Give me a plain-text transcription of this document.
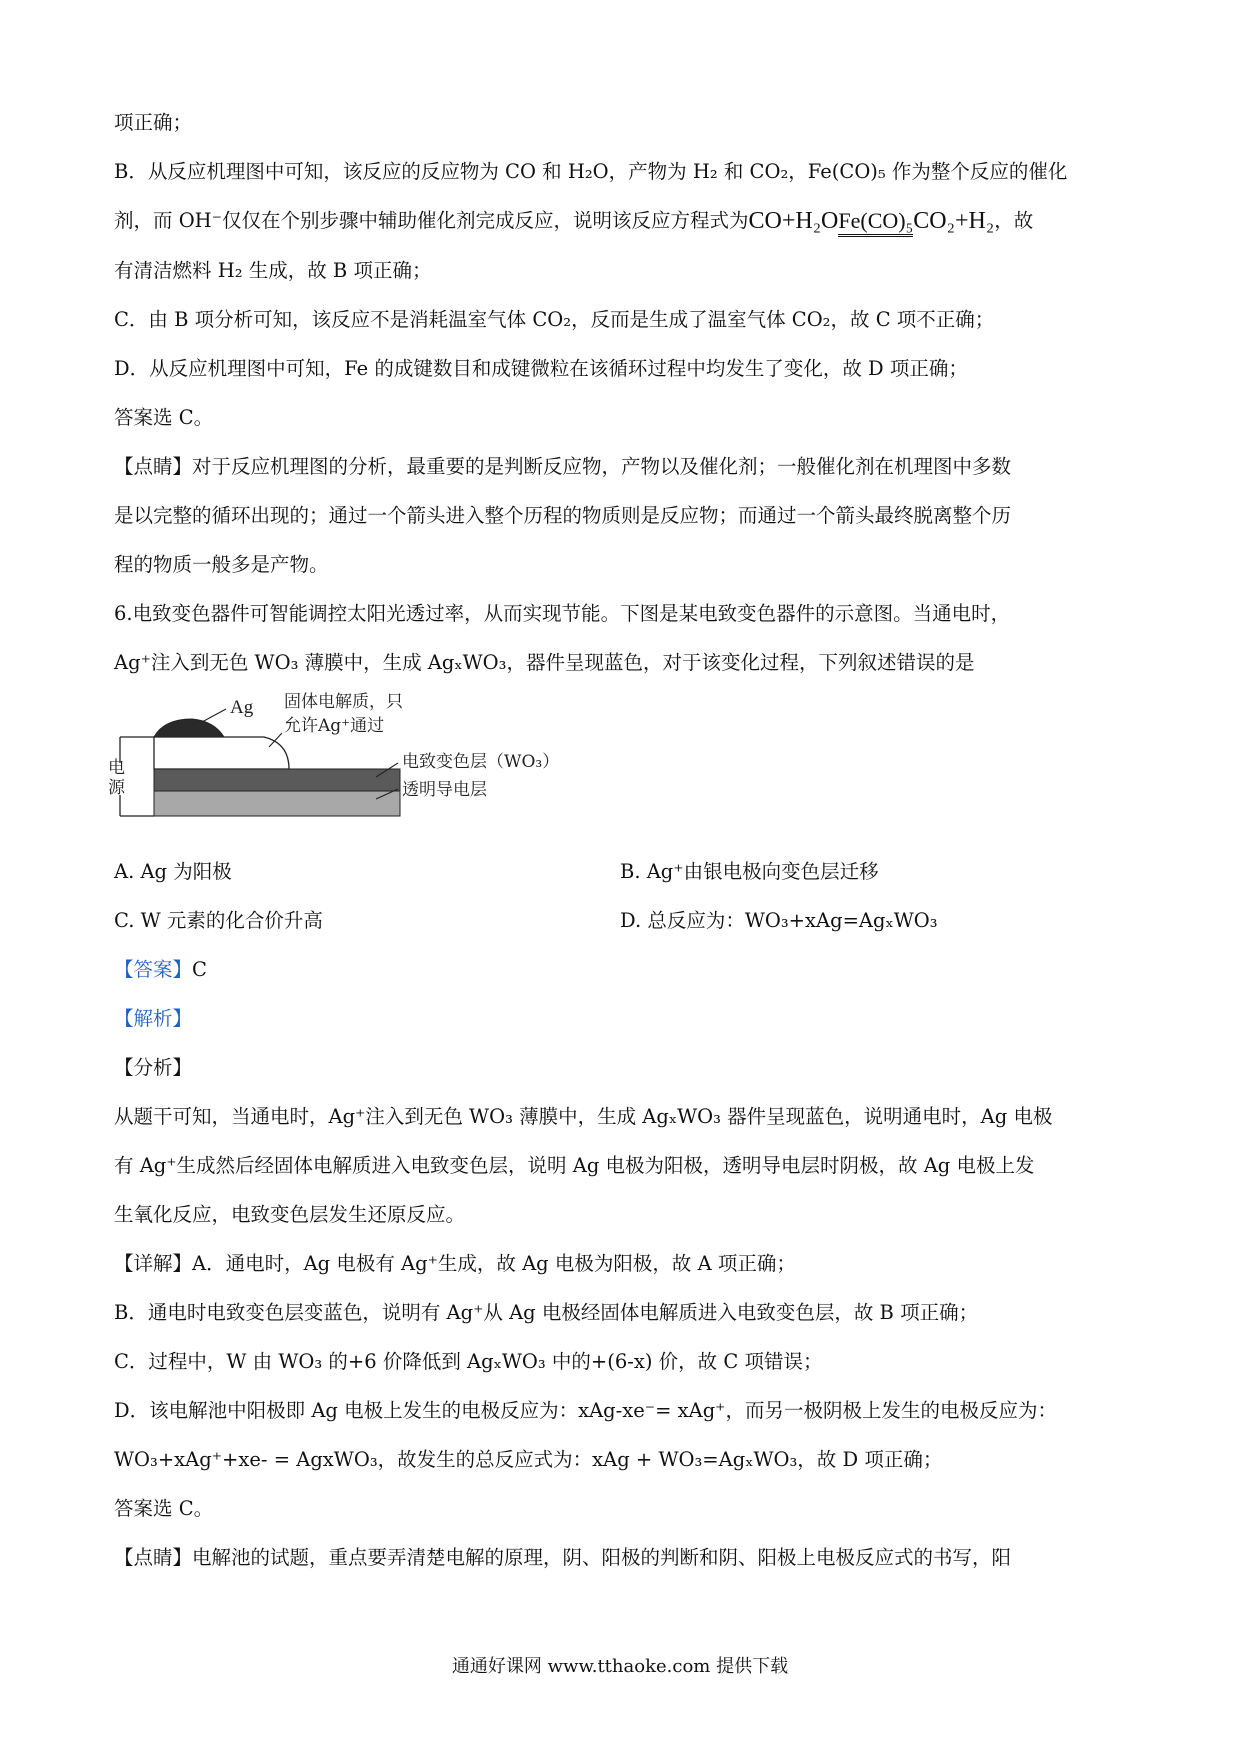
项正确；

B．从反应机理图中可知，该反应的反应物为 CO 和 H₂O，产物为 H₂ 和 CO₂，Fe(CO)₅ 作为整个反应的催化

剂，而 OH⁻仅仅在个别步骤中辅助催化剂完成反应，说明该反应方程式为CO+H₂OFe(CO)₅CO₂+H₂，故

有清洁燃料 H₂ 生成，故 B 项正确；

C．由 B 项分析可知，该反应不是消耗温室气体 CO₂，反而是生成了温室气体 CO₂，故 C 项不正确；

D．从反应机理图中可知，Fe 的成键数目和成键微粒在该循环过程中均发生了变化，故 D 项正确；

答案选 C。

【点睛】对于反应机理图的分析，最重要的是判断反应物，产物以及催化剂；一般催化剂在机理图中多数

是以完整的循环出现的；通过一个箭头进入整个历程的物质则是反应物；而通过一个箭头最终脱离整个历

程的物质一般多是产物。

6.电致变色器件可智能调控太阳光透过率，从而实现节能。下图是某电致变色器件的示意图。当通电时，

Ag⁺注入到无色 WO₃ 薄膜中，生成 AgₓWO₃，器件呈现蓝色，对于该变化过程，下列叙述错误的是

电
源
Ag 固体电解质，只
允许Ag⁺通过
电致变色层（WO₃）
透明导电层
A. Ag 为阳极	B. Ag⁺由银电极向变色层迁移
C. W 元素的化合价升高	D. 总反应为：WO₃+xAg=AgₓWO₃

【答案】C

【解析】

【分析】

从题干可知，当通电时，Ag⁺注入到无色 WO₃ 薄膜中，生成 AgₓWO₃ 器件呈现蓝色，说明通电时，Ag 电极

有 Ag⁺生成然后经固体电解质进入电致变色层，说明 Ag 电极为阳极，透明导电层时阴极，故 Ag 电极上发

生氧化反应，电致变色层发生还原反应。

【详解】A．通电时，Ag 电极有 Ag⁺生成，故 Ag 电极为阳极，故 A 项正确；

B．通电时电致变色层变蓝色，说明有 Ag⁺从 Ag 电极经固体电解质进入电致变色层，故 B 项正确；

C．过程中，W 由 WO₃ 的+6 价降低到 AgₓWO₃ 中的+(6-x) 价，故 C 项错误；

D．该电解池中阳极即 Ag 电极上发生的电极反应为：xAg-xe⁻= xAg⁺，而另一极阴极上发生的电极反应为：

WO₃+xAg⁺+xe- = AgxWO₃，故发生的总反应式为：xAg + WO₃=AgₓWO₃，故 D 项正确；

答案选 C。

【点睛】电解池的试题，重点要弄清楚电解的原理，阴、阳极的判断和阴、阳极上电极反应式的书写，阳

通通好课网 www.tthaoke.com 提供下载
